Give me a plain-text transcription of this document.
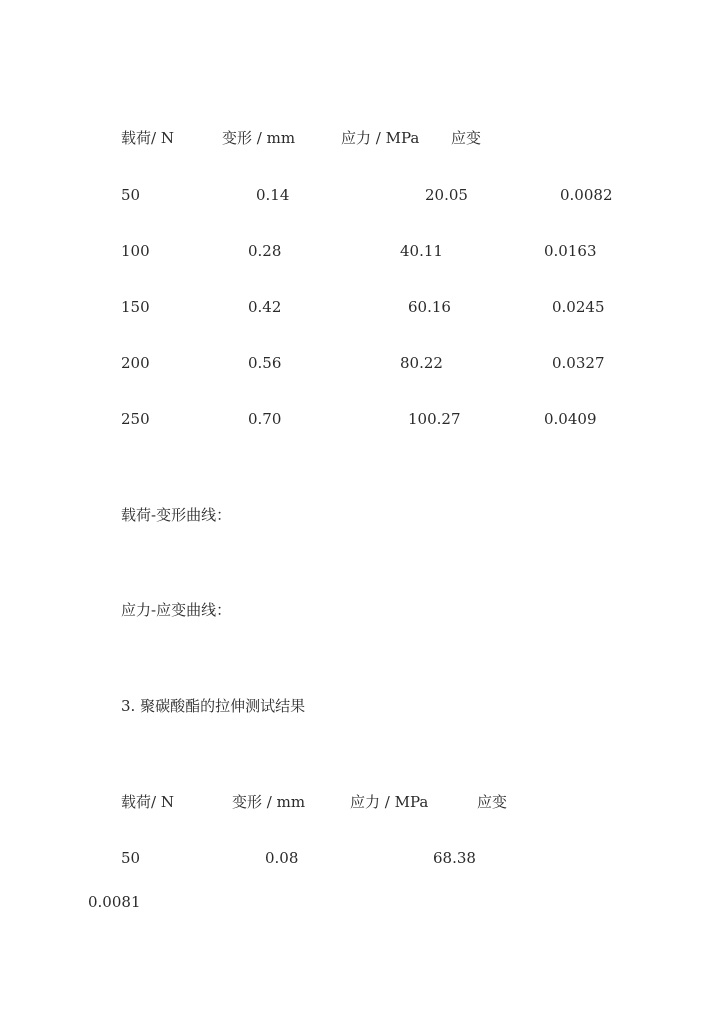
载荷/ N	变形 / mm	应力 / MPa 应变
50	0.14	20.05	0.0082
100	0.28	40.11	0.0163
150	0.42	60.16	0.0245
200	0.56	80.22	0.0327
250	0.70	100.27	0.0409
载荷-变形曲线：
应力-应变曲线：
3. 聚碳酸酯的拉伸测试结果
载荷/ N	变形 / mm	应力 / MPa	应变
50	0.08	68.38
0.0081
